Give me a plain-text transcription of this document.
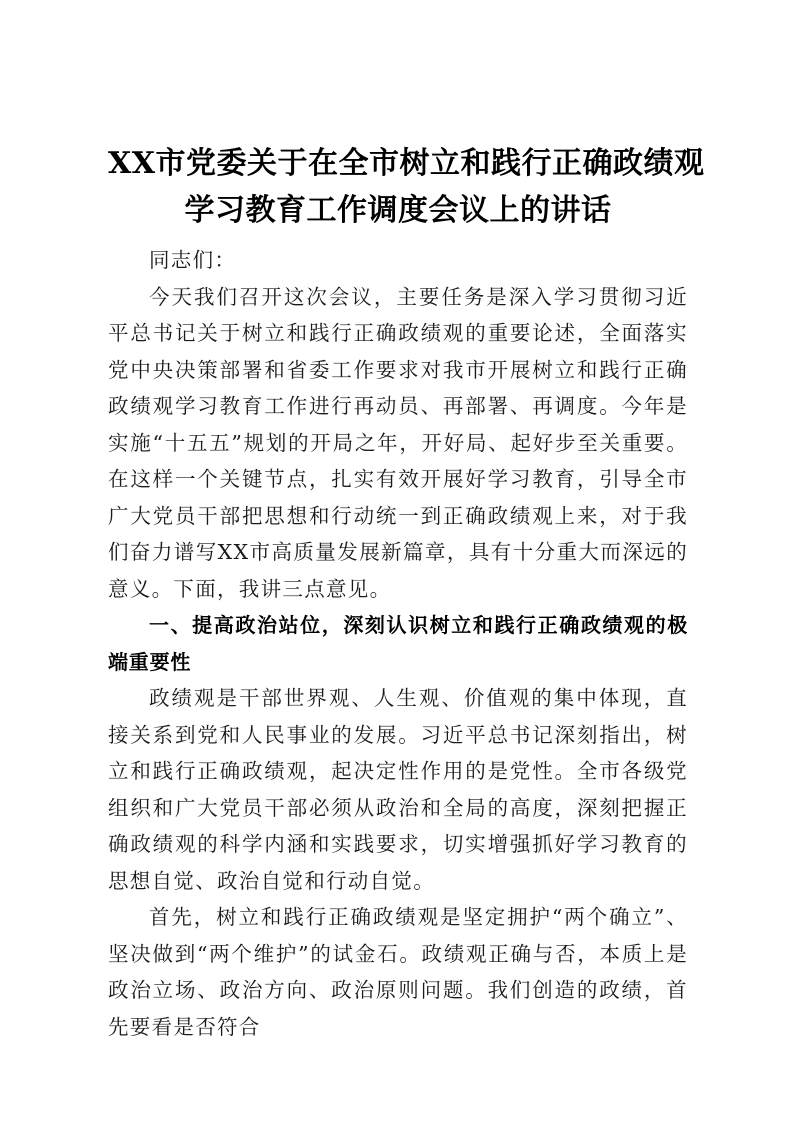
XX市党委关于在全市树立和践行正确政绩观
学习教育工作调度会议上的讲话

同志们：

今天我们召开这次会议，主要任务是深入学习贯彻习近平总书记关于树立和践行正确政绩观的重要论述，全面落实党中央决策部署和省委工作要求对我市开展树立和践行正确政绩观学习教育工作进行再动员、再部署、再调度。今年是实施“十五五”规划的开局之年，开好局、起好步至关重要。在这样一个关键节点，扎实有效开展好学习教育，引导全市广大党员干部把思想和行动统一到正确政绩观上来，对于我们奋力谱写XX市高质量发展新篇章，具有十分重大而深远的意义。下面，我讲三点意见。

一、提高政治站位，深刻认识树立和践行正确政绩观的极端重要性

政绩观是干部世界观、人生观、价值观的集中体现，直接关系到党和人民事业的发展。习近平总书记深刻指出，树立和践行正确政绩观，起决定性作用的是党性。全市各级党组织和广大党员干部必须从政治和全局的高度，深刻把握正确政绩观的科学内涵和实践要求，切实增强抓好学习教育的思想自觉、政治自觉和行动自觉。

首先，树立和践行正确政绩观是坚定拥护“两个确立”、坚决做到“两个维护”的试金石。政绩观正确与否，本质上是政治立场、政治方向、政治原则问题。我们创造的政绩，首先要看是否符合
